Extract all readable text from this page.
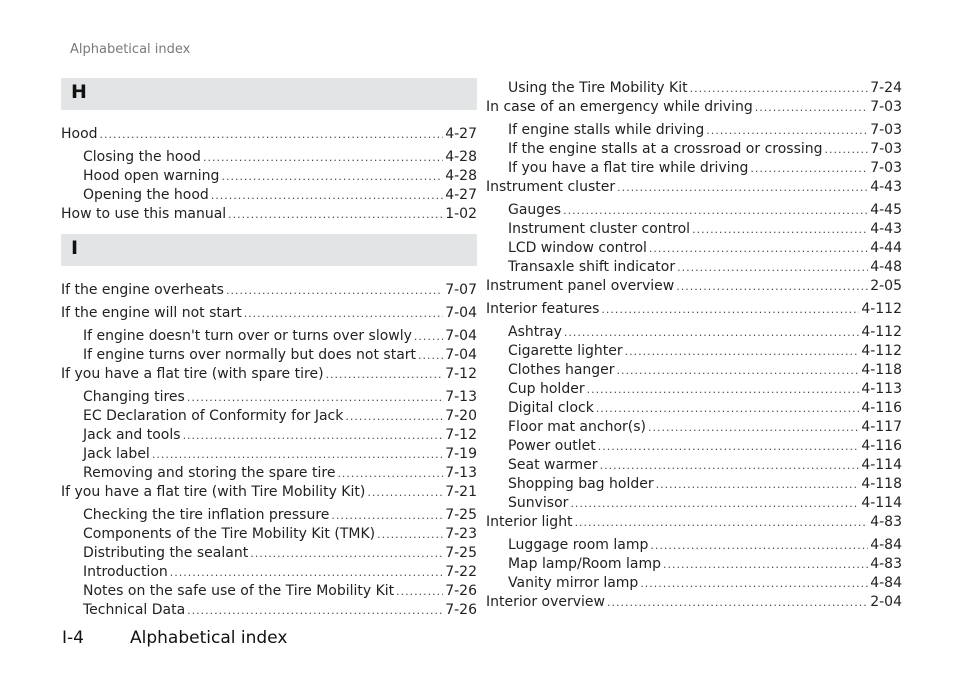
Alphabetical index
H
Hood .....	4-27
Closing the hood .....	4-28
Hood open warning .....	4-28
Opening the hood .....	4-27
How to use this manual .....	1-02
I
If the engine overheats .....	7-07
If the engine will not start .....	7-04
If engine doesn't turn over or turns over slowly ..... 7-04
If engine turns over normally but does not start ..... 7-04
If you have a flat tire (with spare tire) .....	7-12
Changing tires .....	7-13
EC Declaration of Conformity for Jack .....	7-20
Jack and tools .....	7-12
Jack label .....	7-19
Removing and storing the spare tire .....	7-13
If you have a flat tire (with Tire Mobility Kit) .....	7-21
Checking the tire inflation pressure .....	7-25
Components of the Tire Mobility Kit (TMK) .....	7-23
Distributing the sealant .....	7-25
Introduction .....	7-22
Notes on the safe use of the Tire Mobility Kit .....	7-26
Technical Data .....	7-26
Using the Tire Mobility Kit .....	7-24
In case of an emergency while driving .....	7-03
If engine stalls while driving .....	7-03
If the engine stalls at a crossroad or crossing .....	7-03
If you have a flat tire while driving .....	7-03
Instrument cluster .....	4-43
Gauges .....	4-45
Instrument cluster control .....	4-43
LCD window control .....	4-44
Transaxle shift indicator .....	4-48
Instrument panel overview .....	2-05
Interior features .....	4-112
Ashtray .....	4-112
Cigarette lighter .....	4-112
Clothes hanger .....	4-118
Cup holder .....	4-113
Digital clock .....	4-116
Floor mat anchor(s) .....	4-117
Power outlet .....	4-116
Seat warmer .....	4-114
Shopping bag holder .....	4-118
Sunvisor .....	4-114
Interior light .....	4-83
Luggage room lamp .....	4-84
Map lamp/Room lamp .....	4-83
Vanity mirror lamp .....	4-84
Interior overview .....	2-04
I-4	Alphabetical index
